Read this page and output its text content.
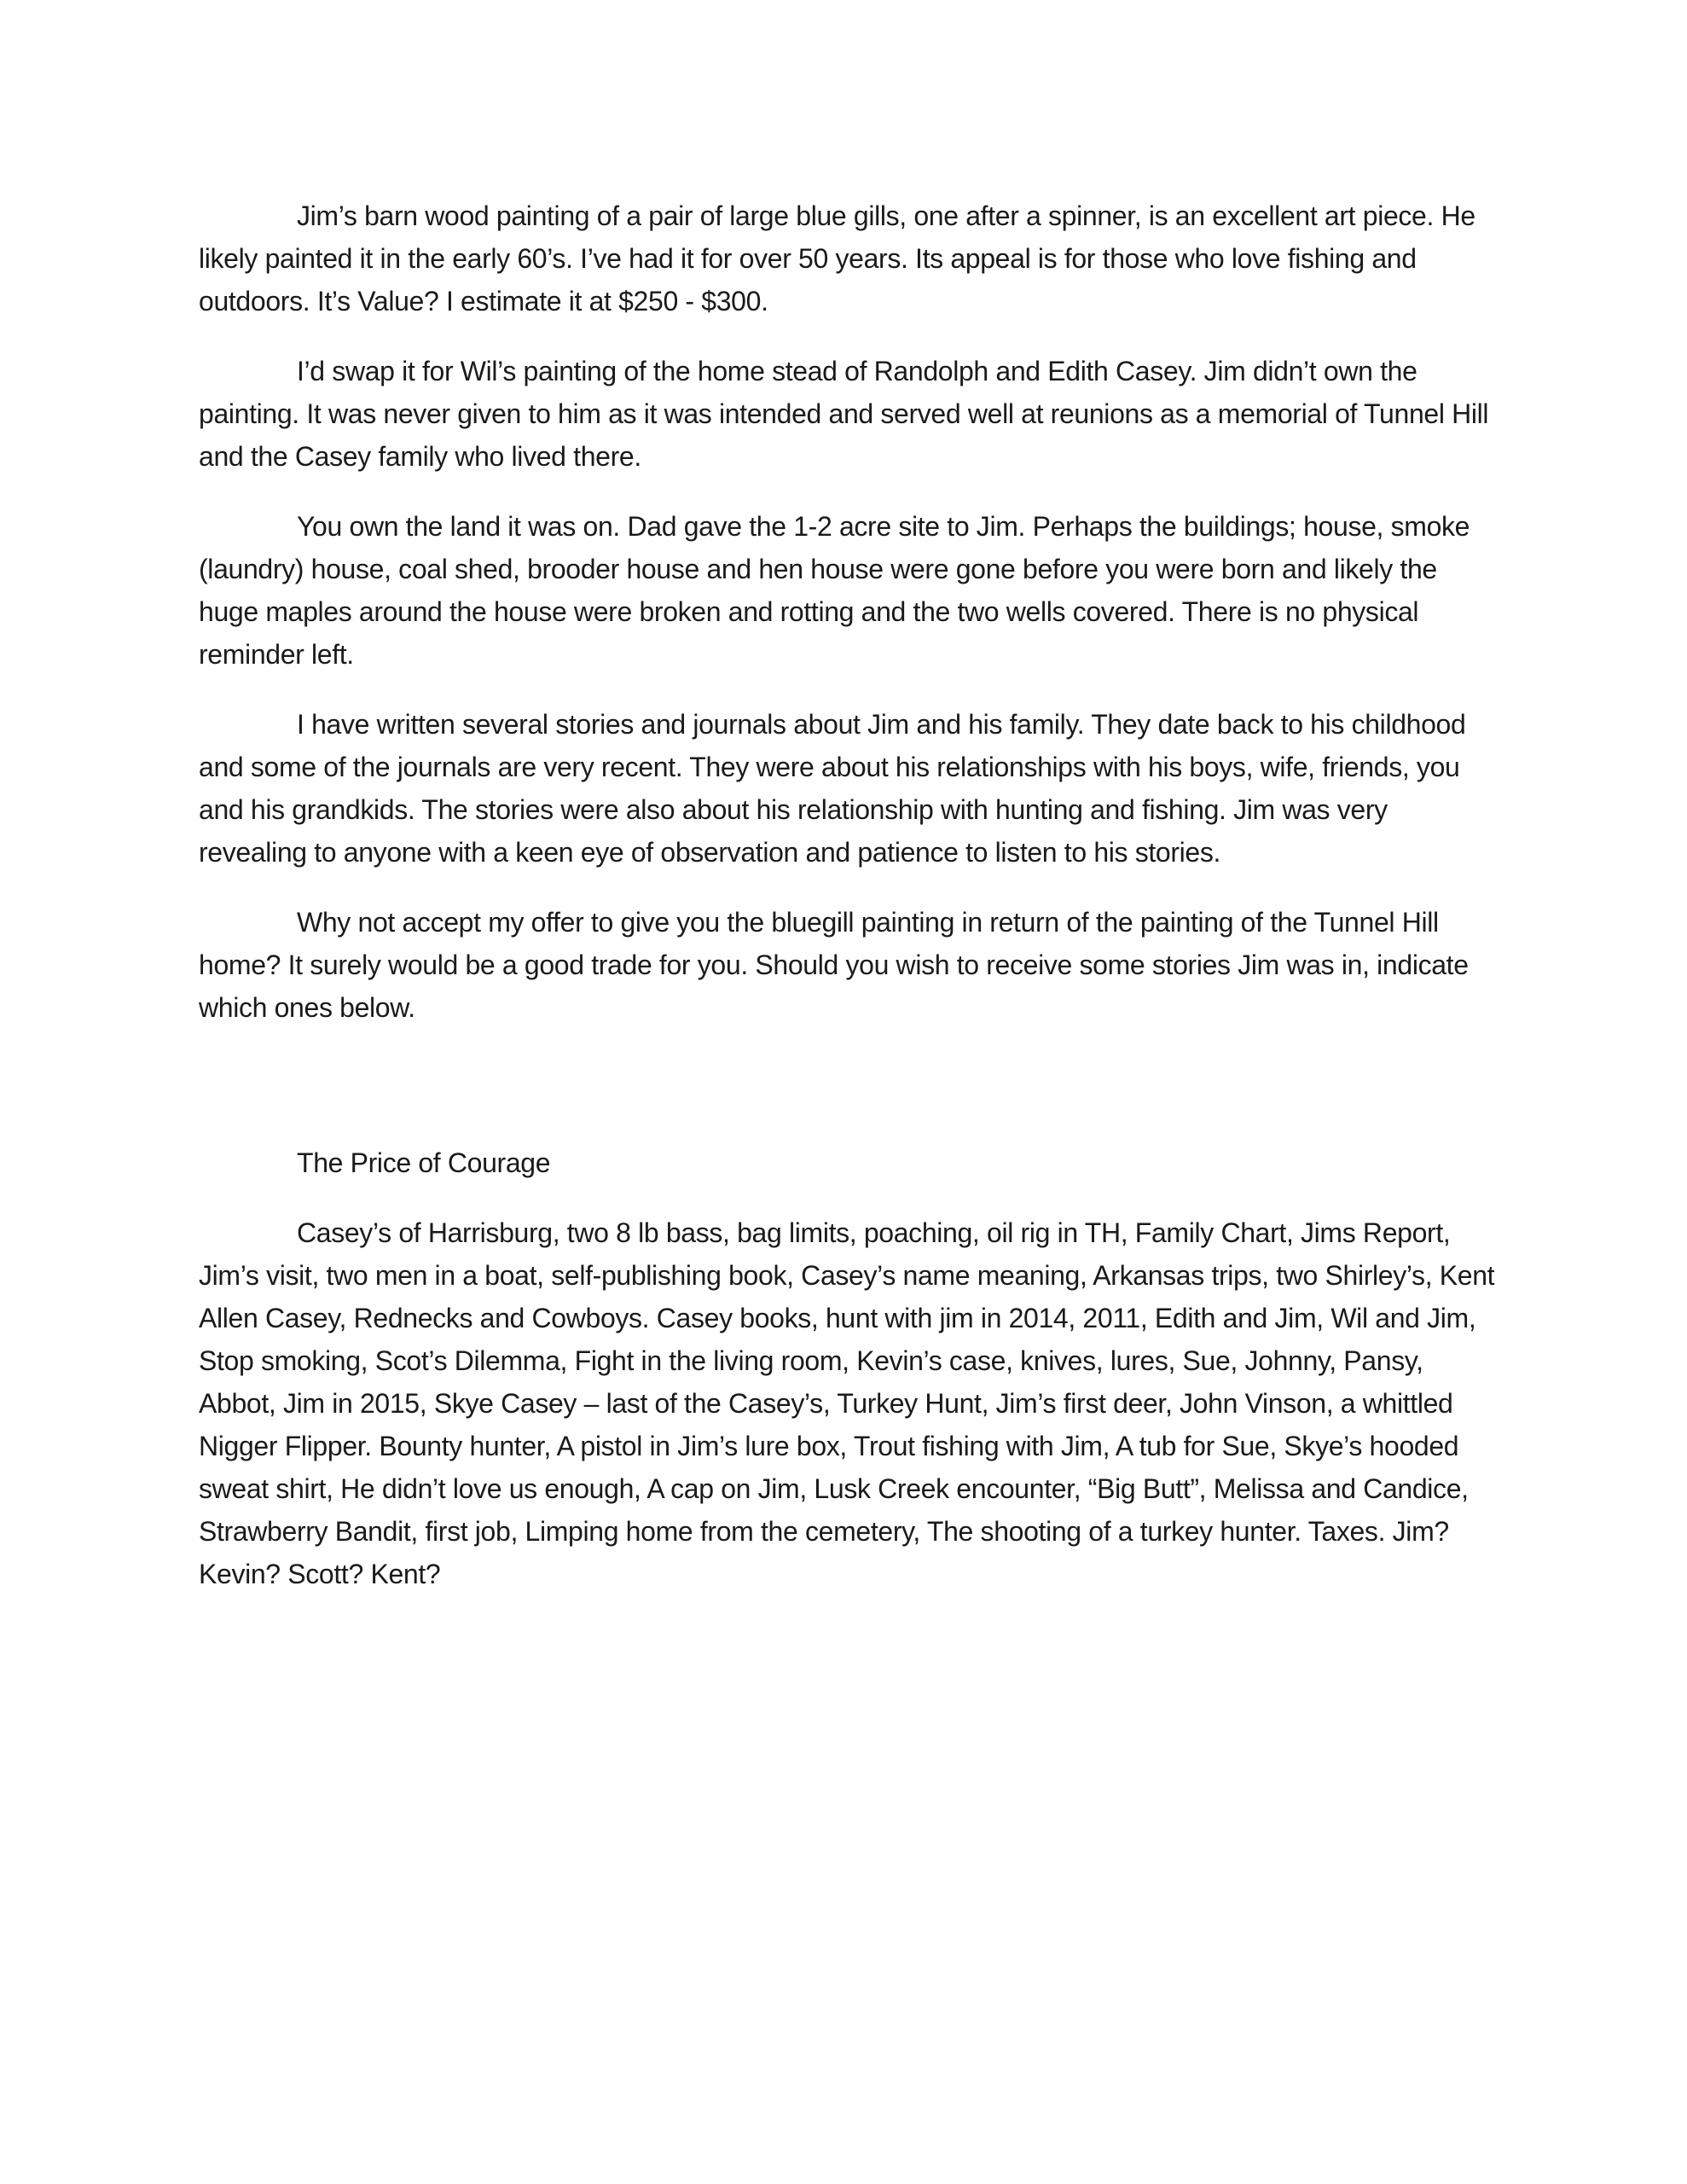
Jim’s barn wood painting of a pair of large blue gills, one after a spinner, is an excellent art piece. He likely painted it in the early 60’s. I’ve had it for over 50 years. Its appeal is for those who love fishing and outdoors. It’s Value? I estimate it at $250 - $300.

I’d swap it for Wil’s painting of the home stead of Randolph and Edith Casey. Jim didn’t own the painting. It was never given to him as it was intended and served well at reunions as a memorial of Tunnel Hill and the Casey family who lived there.

You own the land it was on. Dad gave the 1-2 acre site to Jim. Perhaps the buildings; house, smoke (laundry) house, coal shed, brooder house and hen house were gone before you were born and likely the huge maples around the house were broken and rotting and the two wells covered. There is no physical reminder left.

I have written several stories and journals about Jim and his family. They date back to his childhood and some of the journals are very recent. They were about his relationships with his boys, wife, friends, you and his grandkids. The stories were also about his relationship with hunting and fishing. Jim was very revealing to anyone with a keen eye of observation and patience to listen to his stories.

Why not accept my offer to give you the bluegill painting in return of the painting of the Tunnel Hill home? It surely would be a good trade for you. Should you wish to receive some stories Jim was in, indicate which ones below.

The Price of Courage

Casey’s of Harrisburg, two 8 lb bass, bag limits, poaching, oil rig in TH, Family Chart, Jims Report, Jim’s visit, two men in a boat, self-publishing book, Casey’s name meaning, Arkansas trips, two Shirley’s, Kent Allen Casey, Rednecks and Cowboys. Casey books, hunt with jim in 2014, 2011, Edith and Jim, Wil and Jim, Stop smoking, Scot’s Dilemma, Fight in the living room, Kevin’s case, knives, lures, Sue, Johnny, Pansy, Abbot, Jim in 2015, Skye Casey – last of the Casey’s, Turkey Hunt, Jim’s first deer, John Vinson, a whittled Nigger Flipper. Bounty hunter, A pistol in Jim’s lure box, Trout fishing with Jim, A tub for Sue, Skye’s hooded sweat shirt, He didn’t love us enough, A cap on Jim, Lusk Creek encounter, “Big Butt”, Melissa and Candice, Strawberry Bandit, first job, Limping home from the cemetery, The shooting of a turkey hunter. Taxes. Jim? Kevin? Scott? Kent?
